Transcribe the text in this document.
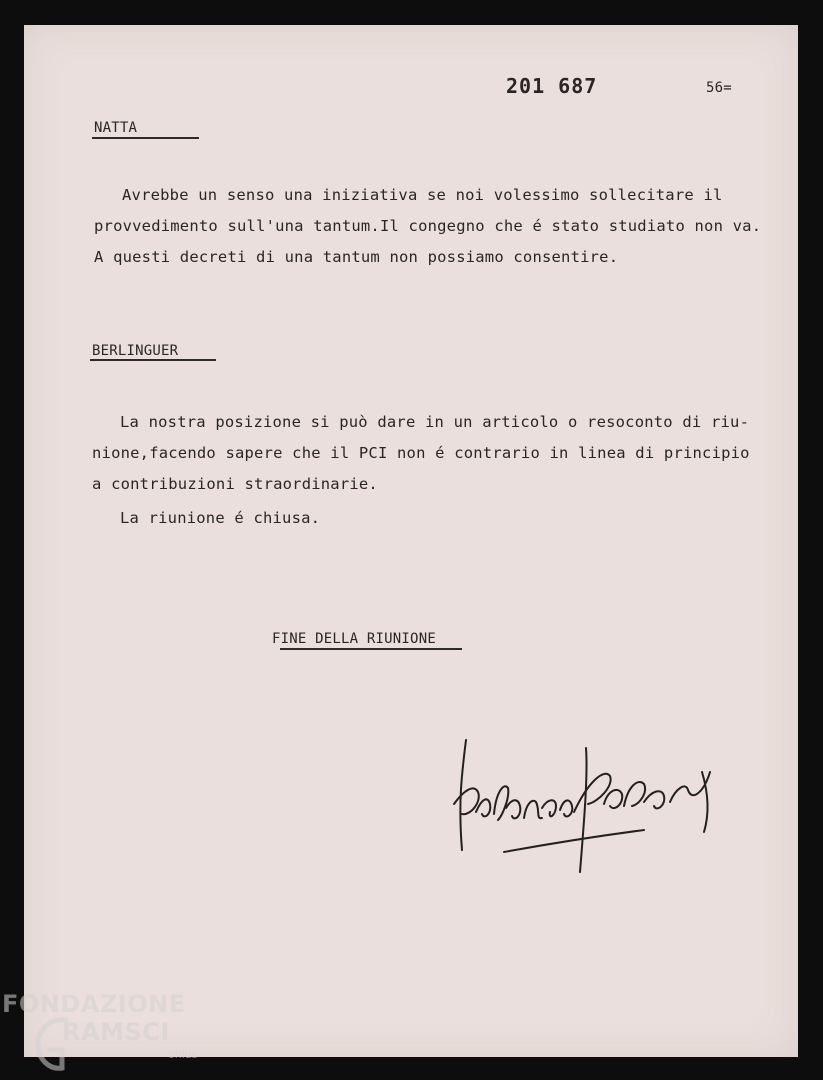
201 687	56=
NATTA
Avrebbe un senso una iniziativa se noi volessimo sollecitare il
provvedimento sull'una tantum.Il congegno che é stato studiato non va.
A questi decreti di una tantum non possiamo consentire.
BERLINGUER
La nostra posizione si può dare in un articolo o resoconto di riu-
nione,facendo sapere che il PCI non é contrario in linea di principio
a contribuzioni straordinarie.
La riunione é chiusa.
FINE DELLA RIUNIONE
FONDAZIONE
RAMSCI
onlus
